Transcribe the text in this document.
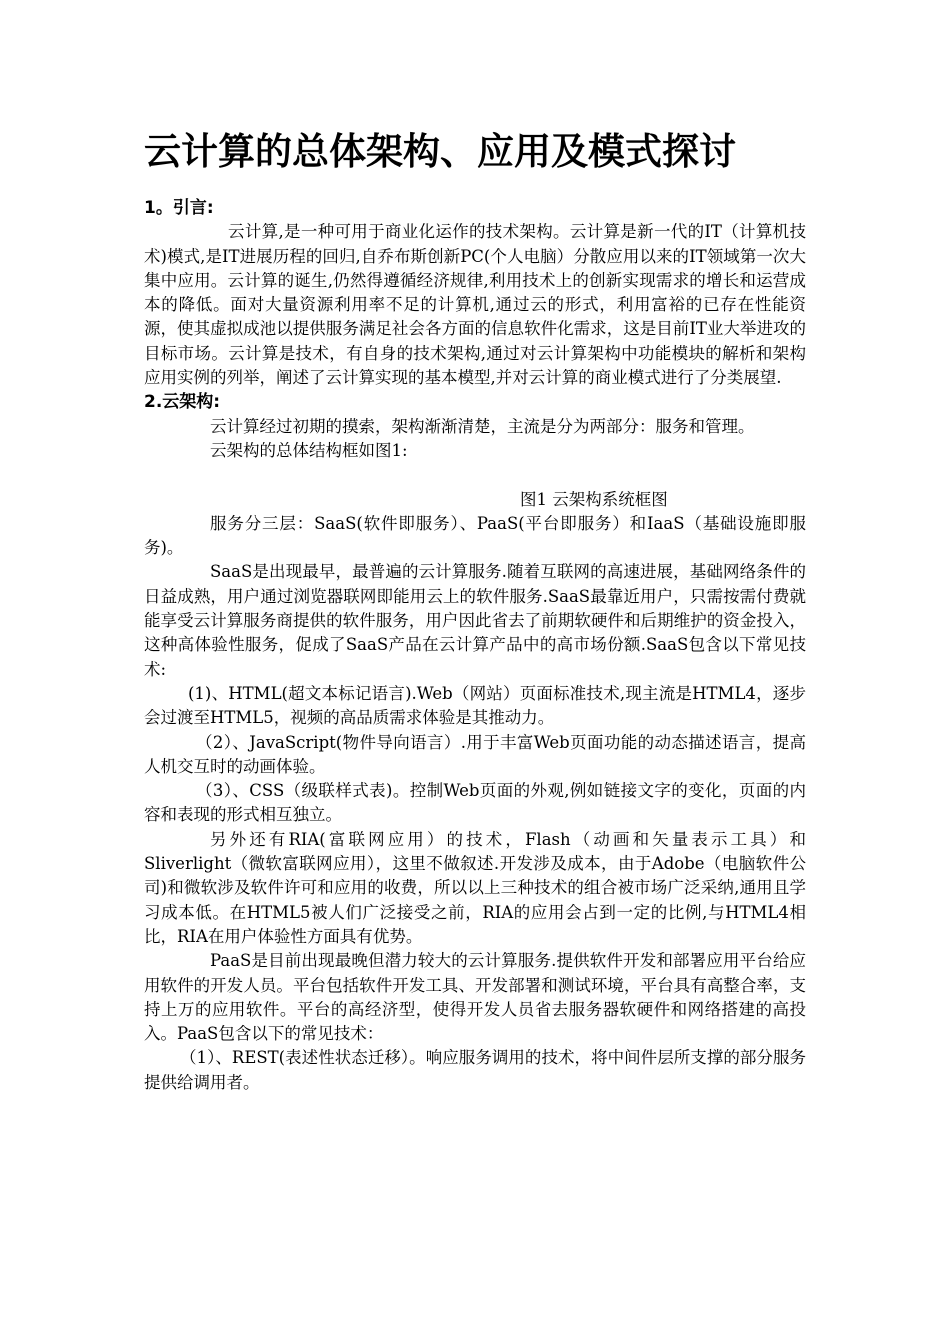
云计算的总体架构、应用及模式探讨

1。引言:

云计算,是一种可用于商业化运作的技术架构。云计算是新一代的IT（计算机技术)模式,是IT进展历程的回归,自乔布斯创新PC(个人电脑）分散应用以来的IT领域第一次大集中应用。云计算的诞生,仍然得遵循经济规律,利用技术上的创新实现需求的增长和运营成本的降低。面对大量资源利用率不足的计算机,通过云的形式，利用富裕的已存在性能资源，使其虚拟成池以提供服务满足社会各方面的信息软件化需求，这是目前IT业大举进攻的目标市场。云计算是技术，有自身的技术架构,通过对云计算架构中功能模块的解析和架构应用实例的列举，阐述了云计算实现的基本模型,并对云计算的商业模式进行了分类展望.

2.云架构:

云计算经过初期的摸索，架构渐渐清楚，主流是分为两部分：服务和管理。

云架构的总体结构框如图1:

图1 云架构系统框图

服务分三层：SaaS(软件即服务）、PaaS(平台即服务）和IaaS（基础设施即服务)。

SaaS是出现最早，最普遍的云计算服务.随着互联网的高速进展，基础网络条件的日益成熟，用户通过浏览器联网即能用云上的软件服务.SaaS最靠近用户，只需按需付费就能享受云计算服务商提供的软件服务，用户因此省去了前期软硬件和后期维护的资金投入，这种高体验性服务，促成了SaaS产品在云计算产品中的高市场份额.SaaS包含以下常见技术:

(1)、HTML(超文本标记语言).Web（网站）页面标准技术,现主流是HTML4，逐步会过渡至HTML5，视频的高品质需求体验是其推动力。

（2）、JavaScript(物件导向语言）.用于丰富Web页面功能的动态描述语言，提高人机交互时的动画体验。

（3）、CSS（级联样式表)。控制Web页面的外观,例如链接文字的变化，页面的内容和表现的形式相互独立。

另外还有RIA(富联网应用）的技术，Flash（动画和矢量表示工具）和Sliverlight（微软富联网应用），这里不做叙述.开发涉及成本，由于Adobe（电脑软件公司)和微软涉及软件许可和应用的收费，所以以上三种技术的组合被市场广泛采纳,通用且学习成本低。在HTML5被人们广泛接受之前，RIA的应用会占到一定的比例,与HTML4相比，RIA在用户体验性方面具有优势。

PaaS是目前出现最晚但潜力较大的云计算服务.提供软件开发和部署应用平台给应用软件的开发人员。平台包括软件开发工具、开发部署和测试环境，平台具有高整合率，支持上万的应用软件。平台的高经济型，使得开发人员省去服务器软硬件和网络搭建的高投入。PaaS包含以下的常见技术：

（1）、REST(表述性状态迁移）。响应服务调用的技术，将中间件层所支撑的部分服务提供给调用者。
